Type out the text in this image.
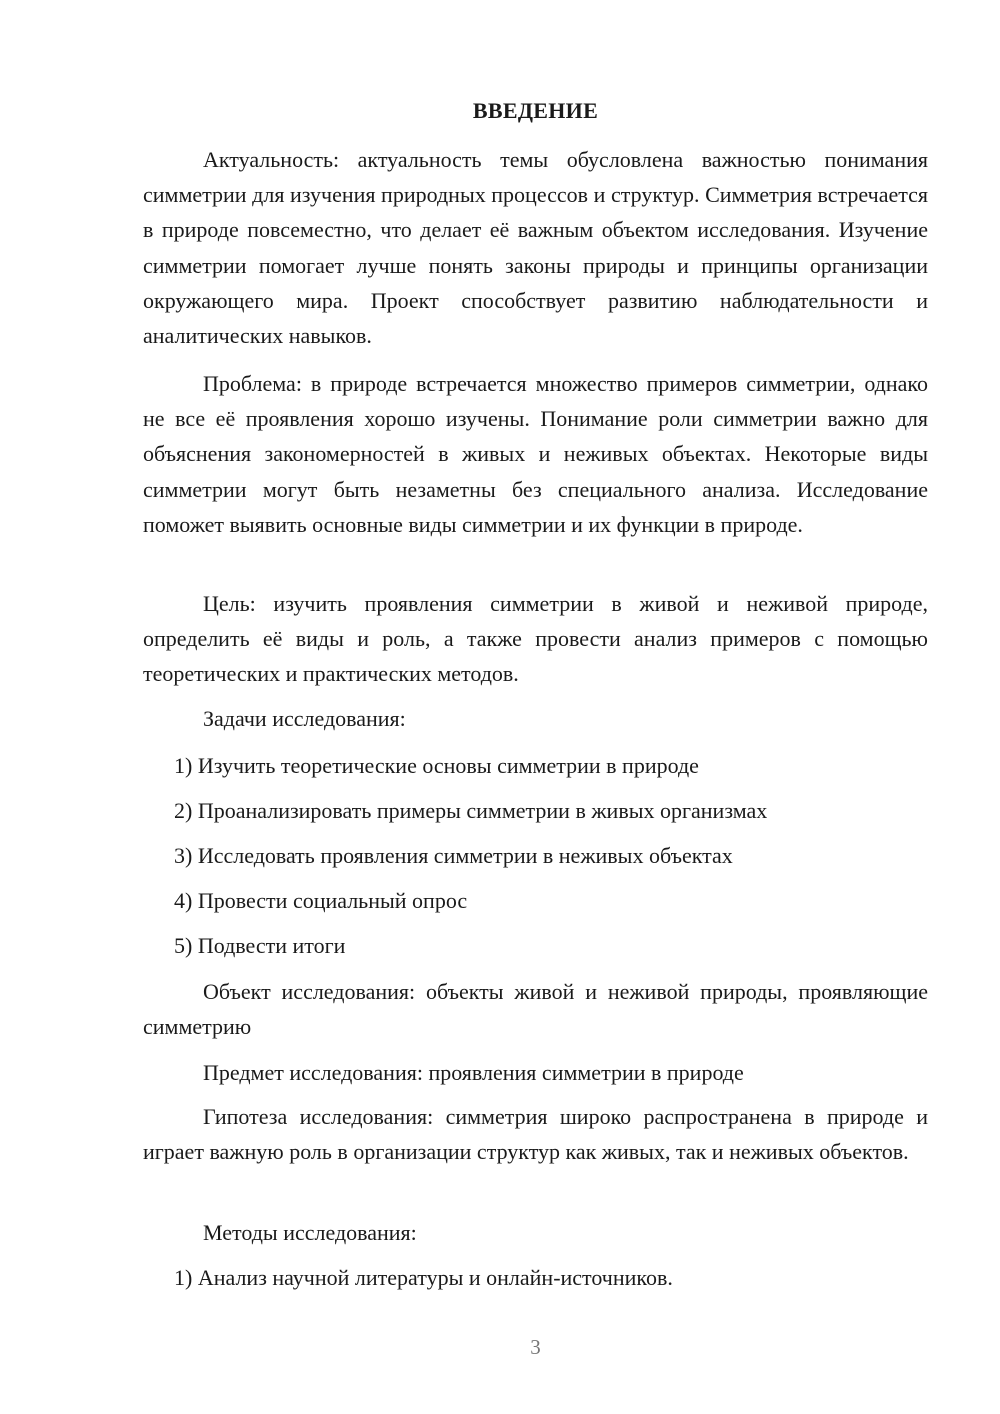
ВВЕДЕНИЕ

Актуальность: актуальность темы обусловлена важностью понимания симметрии для изучения природных процессов и структур. Симметрия встречается в природе повсеместно, что делает её важным объектом исследования. Изучение симметрии помогает лучше понять законы природы и принципы организации окружающего мира. Проект способствует развитию наблюдательности и аналитических навыков.

Проблема: в природе встречается множество примеров симметрии, однако не все её проявления хорошо изучены. Понимание роли симметрии важно для объяснения закономерностей в живых и неживых объектах. Некоторые виды симметрии могут быть незаметны без специального анализа. Исследование поможет выявить основные виды симметрии и их функции в природе.

Цель: изучить проявления симметрии в живой и неживой природе, определить её виды и роль, а также провести анализ примеров с помощью теоретических и практических методов.

Задачи исследования:

1) Изучить теоретические основы симметрии в природе
2) Проанализировать примеры симметрии в живых организмах
3) Исследовать проявления симметрии в неживых объектах
4) Провести социальный опрос
5) Подвести итоги

Объект исследования: объекты живой и неживой природы, проявляющие симметрию

Предмет исследования: проявления симметрии в природе

Гипотеза исследования: симметрия широко распространена в природе и играет важную роль в организации структур как живых, так и неживых объектов.

Методы исследования:

1) Анализ научной литературы и онлайн-источников.
3
